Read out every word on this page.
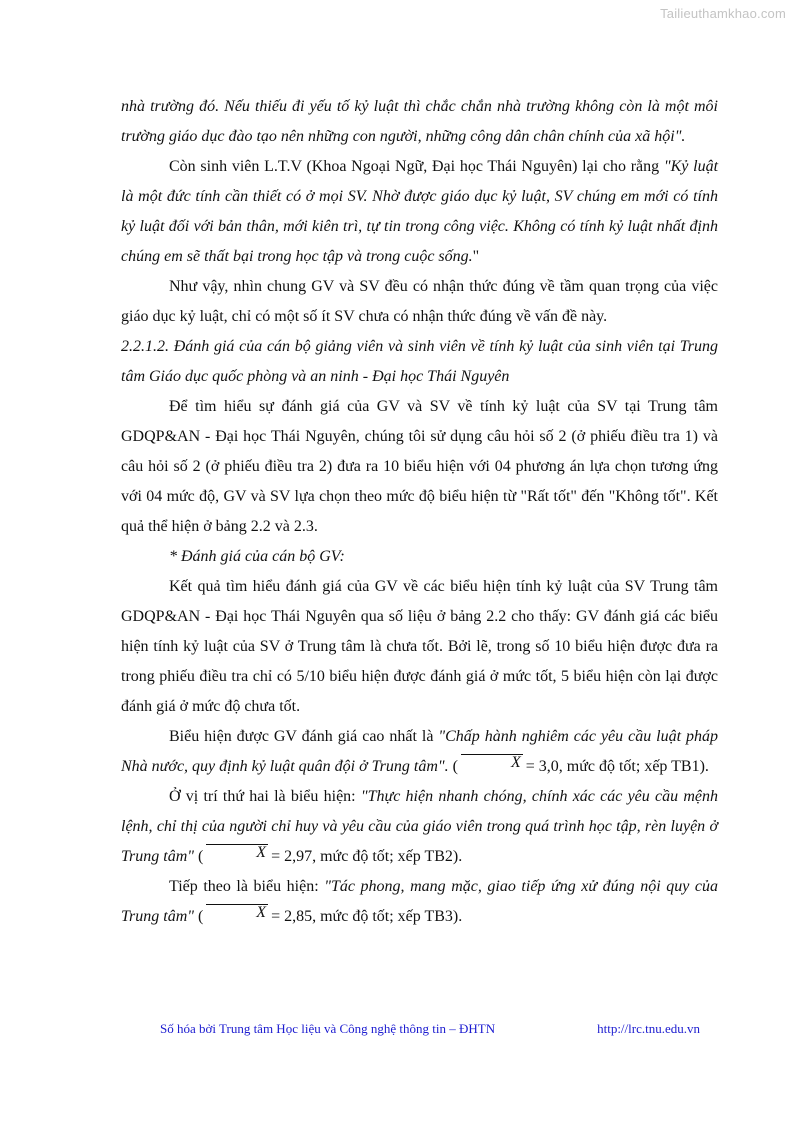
Tailieuthamkhao.com

nhà trường đó. Nếu thiếu đi yếu tố kỷ luật thì chắc chắn nhà trường không còn là một môi trường giáo dục đào tạo nên những con người, những công dân chân chính của xã hội".

Còn sinh viên L.T.V (Khoa Ngoại Ngữ, Đại học Thái Nguyên) lại cho rằng "Kỷ luật là một đức tính cần thiết có ở mọi SV. Nhờ được giáo dục kỷ luật, SV chúng em mới có tính kỷ luật đối với bản thân, mới kiên trì, tự tin trong công việc. Không có tính kỷ luật nhất định chúng em sẽ thất bại trong học tập và trong cuộc sống."

Như vậy, nhìn chung GV và SV đều có nhận thức đúng về tầm quan trọng của việc giáo dục kỷ luật, chỉ có một số ít SV chưa có nhận thức đúng về vấn đề này.

2.2.1.2. Đánh giá của cán bộ giảng viên và sinh viên về tính kỷ luật của sinh viên tại Trung tâm Giáo dục quốc phòng và an ninh - Đại học Thái Nguyên

Để tìm hiểu sự đánh giá của GV và SV về tính kỷ luật của SV tại Trung tâm GDQP&AN - Đại học Thái Nguyên, chúng tôi sử dụng câu hỏi số 2 (ở phiếu điều tra 1) và câu hỏi số 2 (ở phiếu điều tra 2) đưa ra 10 biểu hiện với 04 phương án lựa chọn tương ứng với 04 mức độ, GV và SV lựa chọn theo mức độ biểu hiện từ "Rất tốt" đến "Không tốt". Kết quả thể hiện ở bảng 2.2 và 2.3.

* Đánh giá của cán bộ GV:

Kết quả tìm hiểu đánh giá của GV về các biểu hiện tính kỷ luật của SV Trung tâm GDQP&AN - Đại học Thái Nguyên qua số liệu ở bảng 2.2 cho thấy: GV đánh giá các biểu hiện tính kỷ luật của SV ở Trung tâm là chưa tốt. Bởi lẽ, trong số 10 biểu hiện được đưa ra trong phiếu điều tra chỉ có 5/10 biểu hiện được đánh giá ở mức tốt, 5 biểu hiện còn lại được đánh giá ở mức độ chưa tốt.

Biểu hiện được GV đánh giá cao nhất là "Chấp hành nghiêm các yêu cầu luật pháp Nhà nước, quy định kỷ luật quân đội ở Trung tâm". (	X = 3,0, mức độ tốt; xếp TB1).

Ở vị trí thứ hai là biểu hiện: "Thực hiện nhanh chóng, chính xác các yêu cầu mệnh lệnh, chỉ thị của người chỉ huy và yêu cầu của giáo viên trong quá trình học tập, rèn luyện ở Trung tâm" (	X = 2,97, mức độ tốt; xếp TB2).

Tiếp theo là biểu hiện: "Tác phong, mang mặc, giao tiếp ứng xử đúng nội quy của Trung tâm" (	X = 2,85, mức độ tốt; xếp TB3).

Số hóa bởi Trung tâm Học liệu và Công nghệ thông tin – ĐHTN	http://lrc.tnu.edu.vn
